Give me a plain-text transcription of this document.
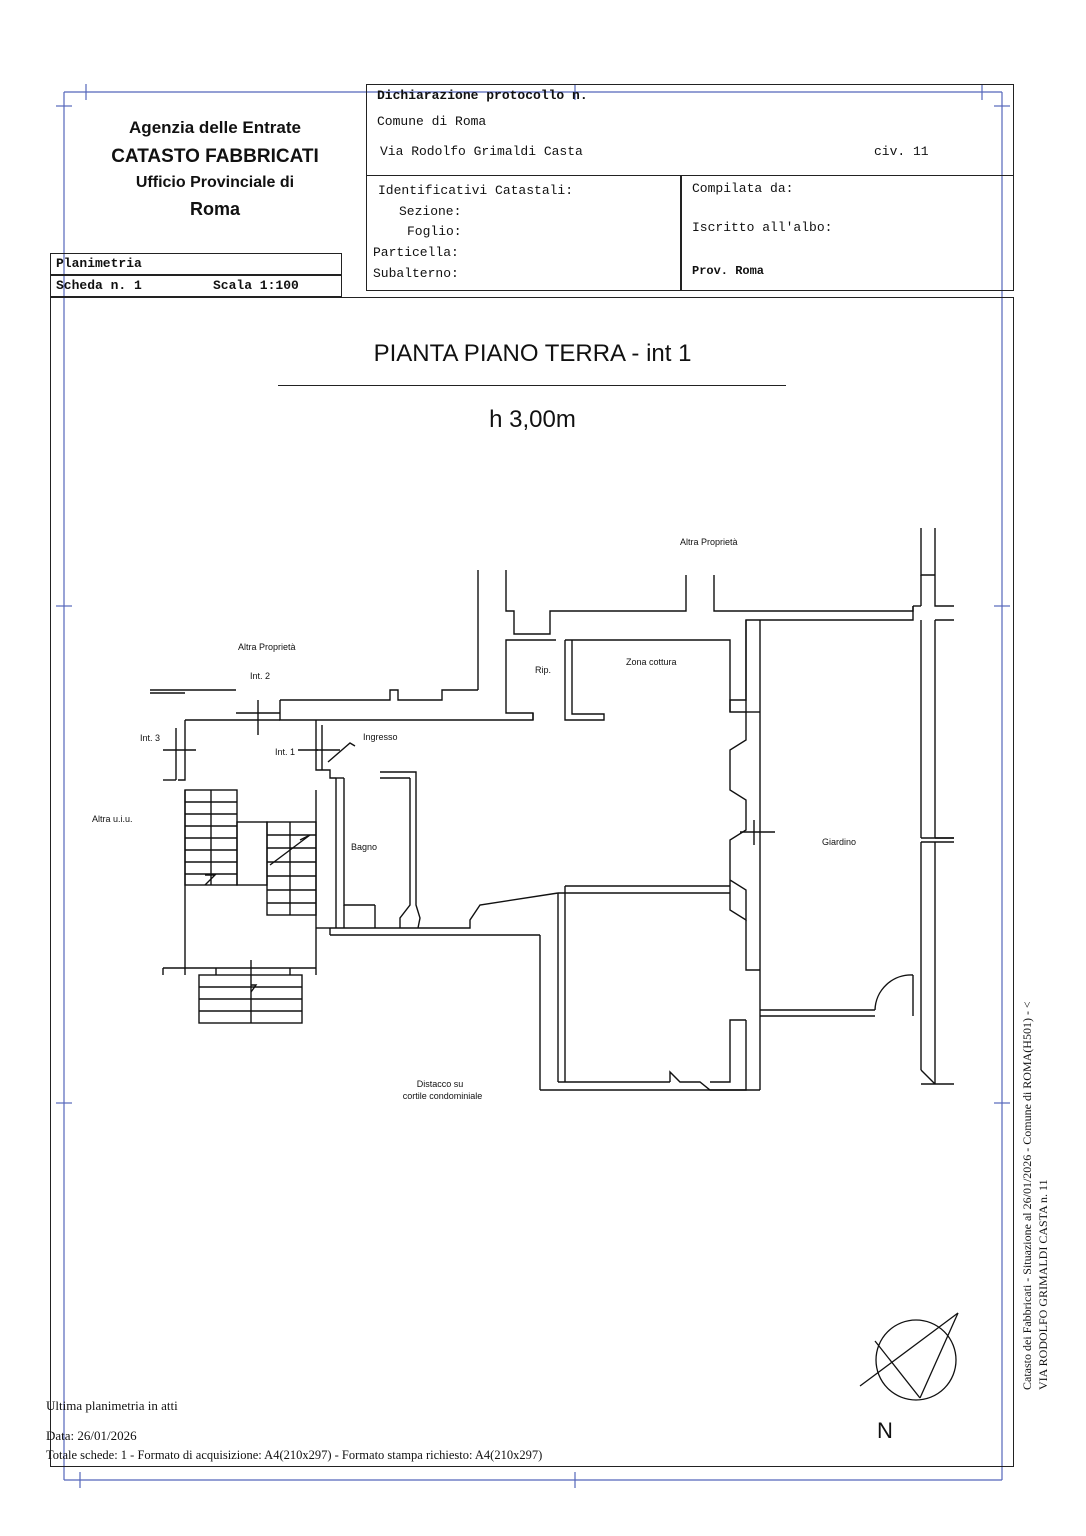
Agenzia delle Entrate
CATASTO FABBRICATI
Ufficio Provinciale di
Roma
Dichiarazione protocollo n.
Comune di Roma
Via Rodolfo Grimaldi Casta	civ. 11
Identificativi Catastali:
Sezione:
Foglio:
Particella:
Subalterno:
Compilata da:
Iscritto all'albo:
Prov. Roma
Planimetria
Scheda n. 1	Scala 1:100
PIANTA PIANO TERRA - int 1
h 3,00m
Altra Proprietà
Altra Proprietà
Int. 2
Int. 3
Int. 1
Ingresso
Rip.
Zona cottura
Altra u.i.u.
Bagno	Giardino
Distacco su
cortile condominiale
N
Ultima planimetria in atti
Data: 26/01/2026
Totale schede: 1 - Formato di acquisizione: A4(210x297) - Formato stampa richiesto: A4(210x297)
Catasto dei Fabbricati - Situazione al 26/01/2026 - Comune di ROMA(H501) - < VIA RODOLFO GRIMALDI CASTA n. 11
